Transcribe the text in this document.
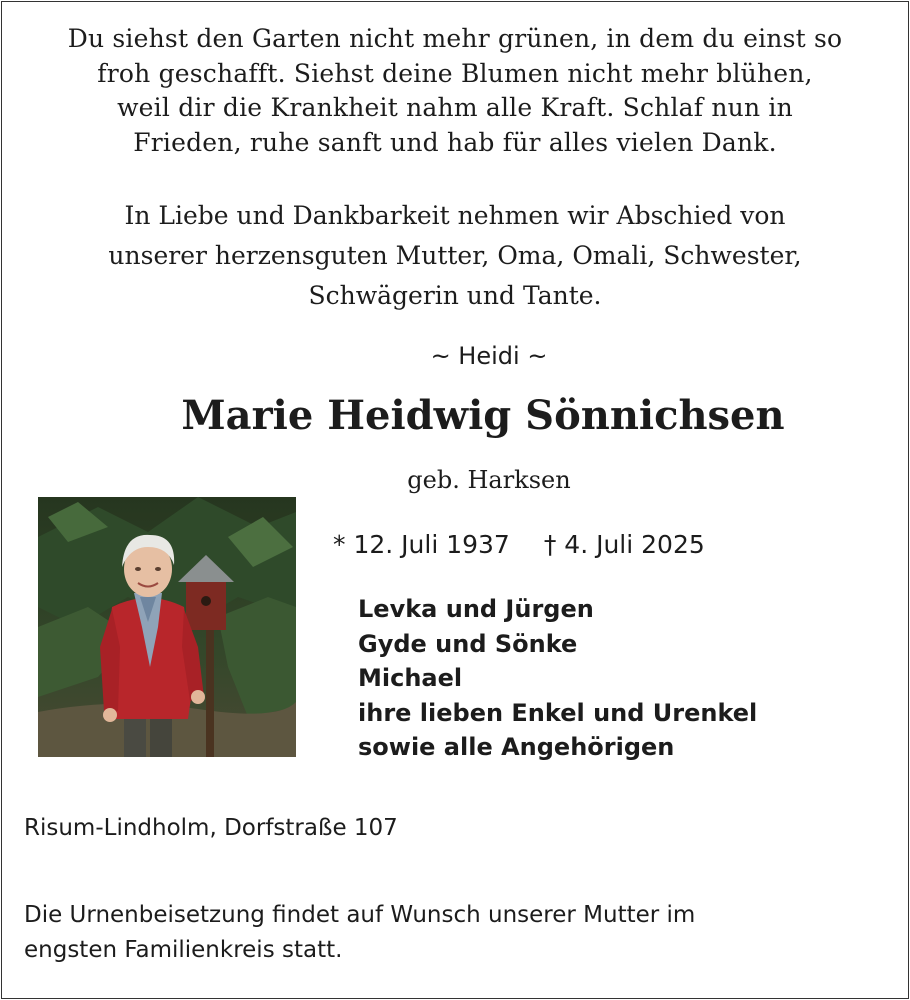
Du siehst den Garten nicht mehr grünen, in dem du einst so
froh geschafft. Siehst deine Blumen nicht mehr blühen,
weil dir die Krankheit nahm alle Kraft. Schlaf nun in
Frieden, ruhe sanft und hab für alles vielen Dank.
In Liebe und Dankbarkeit nehmen wir Abschied von
unserer herzensguten Mutter, Oma, Omali, Schwester,
Schwägerin und Tante.
~ Heidi ~
Marie Heidwig Sönnichsen
geb. Harksen
* 12. Juli 1937 † 4. Juli 2025
Levka und Jürgen
Gyde und Sönke
Michael
ihre lieben Enkel und Urenkel
sowie alle Angehörigen
Risum-Lindholm, Dorfstraße 107
Die Urnenbeisetzung findet auf Wunsch unserer Mutter im
engsten Familienkreis statt.
